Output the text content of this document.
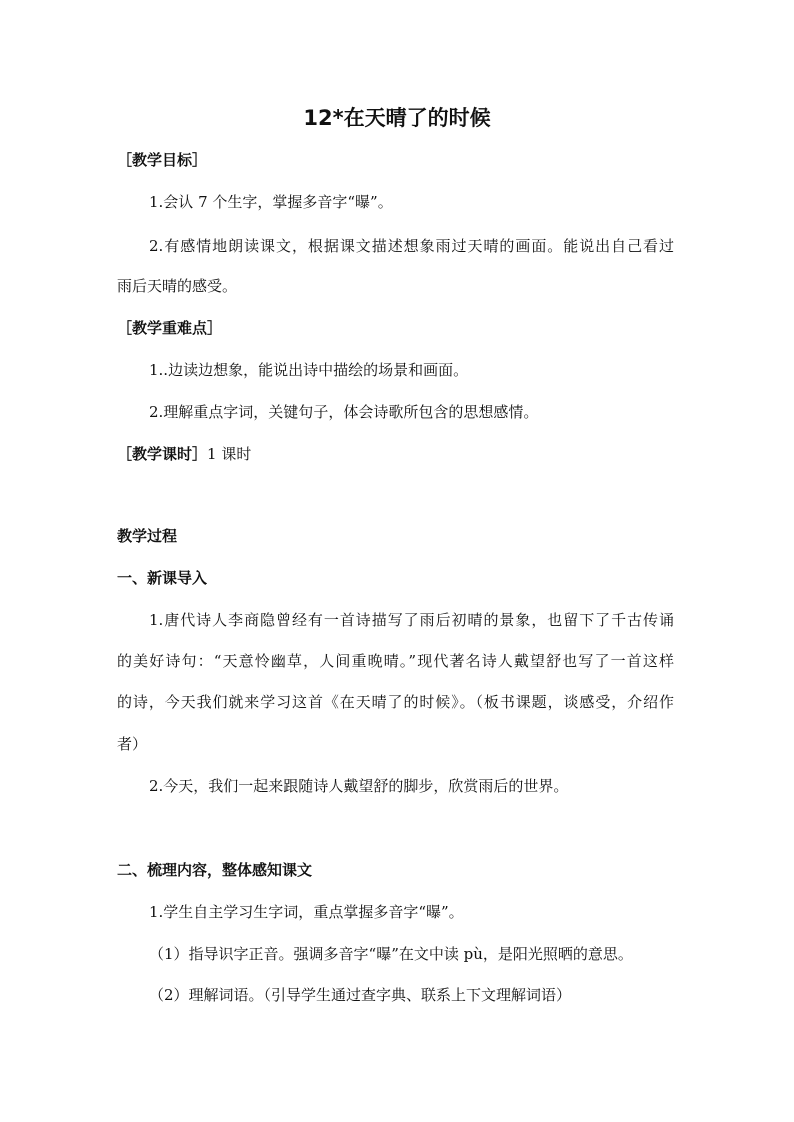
12*在天晴了的时候
［教学目标］
1.会认 7 个生字，掌握多音字“曝”。
2.有感情地朗读课文，根据课文描述想象雨过天晴的画面。能说出自己看过
雨后天晴的感受。
［教学重难点］
1..边读边想象，能说出诗中描绘的场景和画面。
2.理解重点字词，关键句子，体会诗歌所包含的思想感情。
［教学课时］1 课时
教学过程
一、新课导入
1.唐代诗人李商隐曾经有一首诗描写了雨后初晴的景象，也留下了千古传诵
的美好诗句：“天意怜幽草，人间重晚晴。”现代著名诗人戴望舒也写了一首这样
的诗，今天我们就来学习这首《在天晴了的时候》。（板书课题，谈感受，介绍作
者）
2.今天，我们一起来跟随诗人戴望舒的脚步，欣赏雨后的世界。
二、梳理内容，整体感知课文
1.学生自主学习生字词，重点掌握多音字“曝”。
（1）指导识字正音。强调多音字“曝”在文中读 pù，是阳光照晒的意思。
（2）理解词语。（引导学生通过查字典、联系上下文理解词语）
